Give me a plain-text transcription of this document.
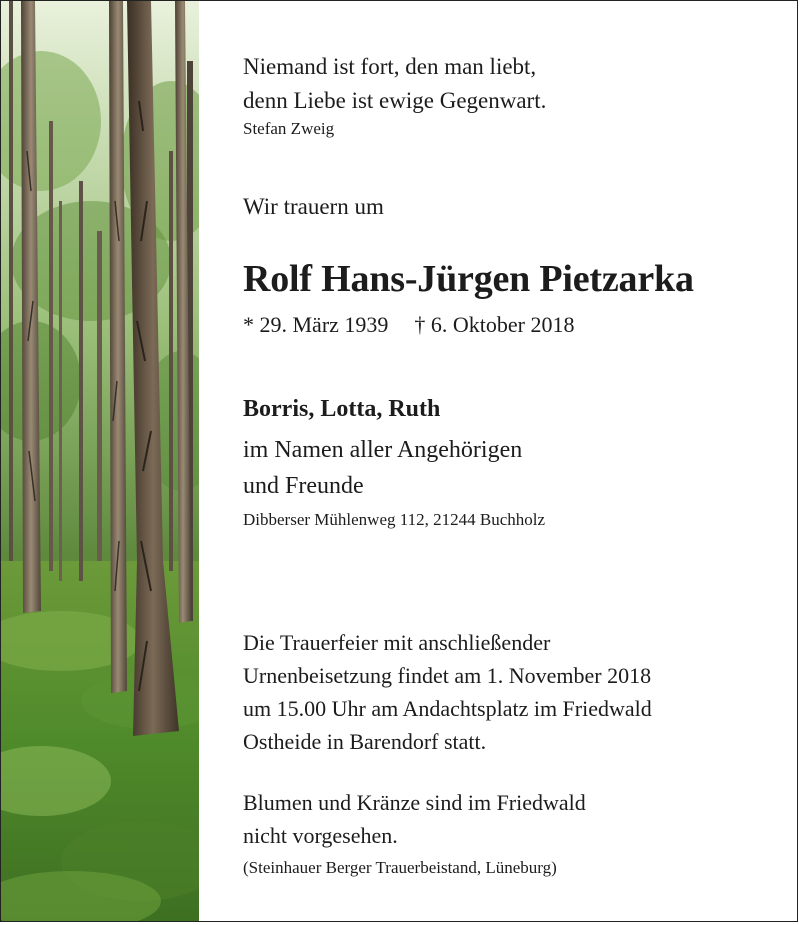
Niemand ist fort, den man liebt,
denn Liebe ist ewige Gegenwart.
Stefan Zweig
Wir trauern um
Rolf Hans-Jürgen Pietzarka
* 29. März 1939 † 6. Oktober 2018
Borris, Lotta, Ruth
im Namen aller Angehörigen
und Freunde
Dibberser Mühlenweg 112, 21244 Buchholz
Die Trauerfeier mit anschließender
Urnenbeisetzung findet am 1. November 2018
um 15.00 Uhr am Andachtsplatz im Friedwald
Ostheide in Barendorf statt.
Blumen und Kränze sind im Friedwald
nicht vorgesehen.
(Steinhauer Berger Trauerbeistand, Lüneburg)
